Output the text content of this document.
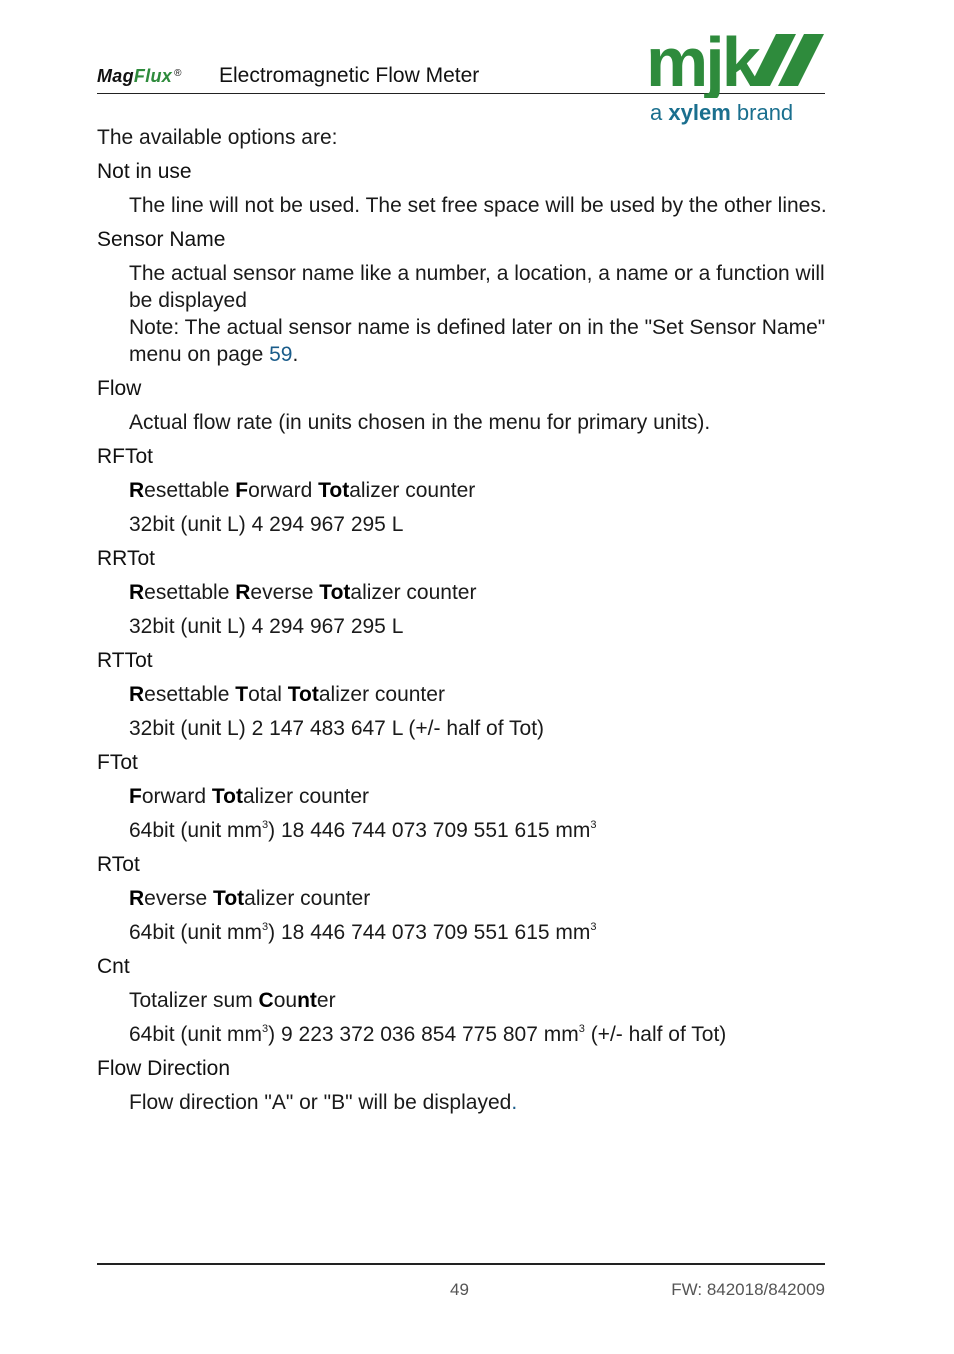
MagFlux ® Electromagnetic Flow Meter mjk
a xylem brand

The available options are:

Not in use

The line will not be used. The set free space will be used by the other lines.

Sensor Name

The actual sensor name like a number, a location, a name or a function will be displayed

Note: The actual sensor name is defined later on in the "Set Sensor Name" menu on page 59.

Flow

Actual flow rate (in units chosen in the menu for primary units).

RFTot

Resettable Forward Totalizer counter

32bit (unit L) 4 294 967 295 L

RRTot

Resettable Reverse Totalizer counter

32bit (unit L) 4 294 967 295 L

RTTot

Resettable Total Totalizer counter

32bit (unit L) 2 147 483 647 L (+/- half of Tot)

FTot

Forward Totalizer counter

64bit (unit $mm^3$) 18 446 744 073 709 551 615 $mm^3$

RTot

Reverse Totalizer counter

64bit (unit $mm^3$) 18 446 744 073 709 551 615 $mm^3$

Cnt

Totalizer sum Counter

64bit (unit $mm^3$) 9 223 372 036 854 775 807 $mm^3$ (+/- half of Tot)

Flow Direction

Flow direction "A" or "B" will be displayed.

49	FW: 842018/842009
